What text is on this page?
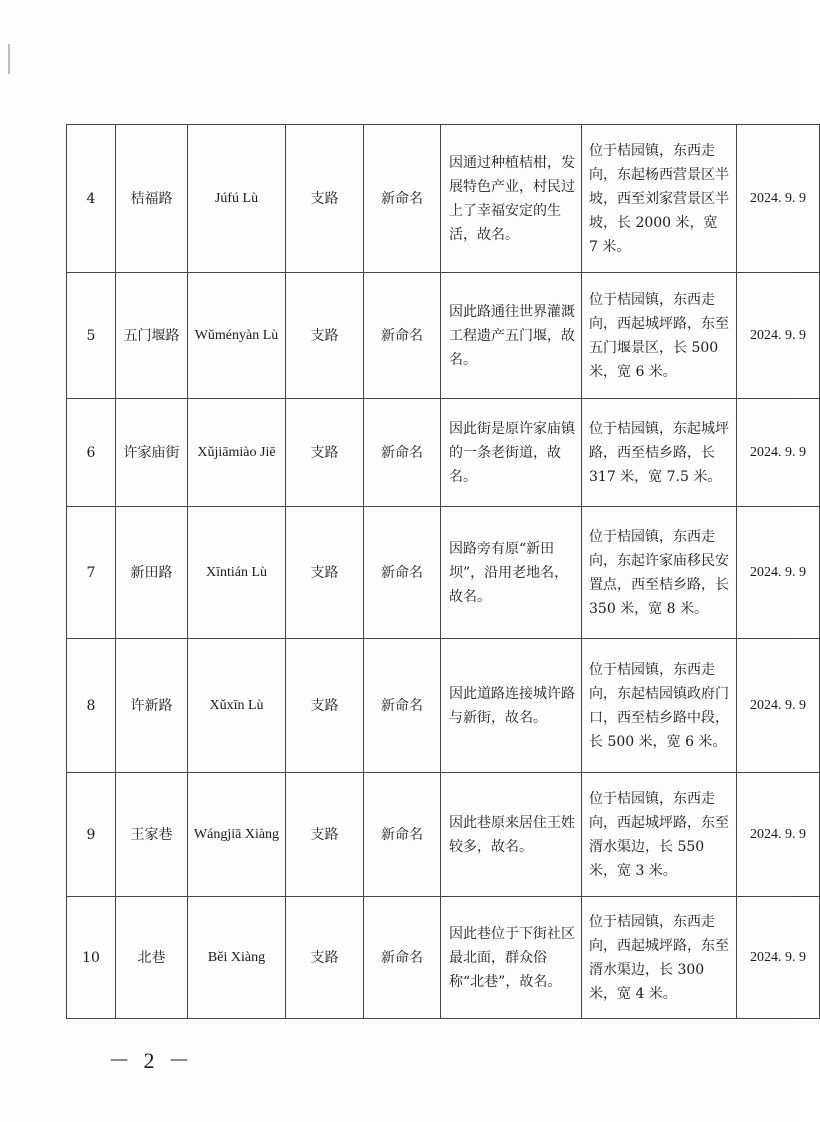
4	桔福路	Júfú Lù	支路	新命名	因通过种植桔柑，发展特色产业，村民过上了幸福安定的生活，故名。	位于桔园镇，东西走向，东起杨西营景区半坡，西至刘家营景区半坡，长 2000 米，宽 7 米。	2024. 9. 9
5	五门堰路	Wǔményàn Lù	支路	新命名	因此路通往世界灌溉工程遗产五门堰，故名。	位于桔园镇，东西走向，西起城坪路，东至五门堰景区，长 500 米，宽 6 米。	2024. 9. 9
6	许家庙街	Xǔjiāmiào Jiē	支路	新命名	因此街是原许家庙镇的一条老街道，故名。	位于桔园镇，东起城坪路，西至桔乡路，长 317 米，宽 7.5 米。	2024. 9. 9
7	新田路	Xīntián Lù	支路	新命名	因路旁有原“新田坝”，沿用老地名，故名。	位于桔园镇，东西走向，东起许家庙移民安置点，西至桔乡路，长 350 米，宽 8 米。	2024. 9. 9
8	许新路	Xǔxīn Lù	支路	新命名	因此道路连接城许路与新街，故名。	位于桔园镇，东西走向，东起桔园镇政府门口，西至桔乡路中段，长 500 米，宽 6 米。	2024. 9. 9
9	王家巷	Wángjiā Xiàng	支路	新命名	因此巷原来居住王姓较多，故名。	位于桔园镇，东西走向，西起城坪路，东至湑水渠边，长 550 米，宽 3 米。	2024. 9. 9
10	北巷	Běi Xiàng	支路	新命名	因此巷位于下街社区最北面，群众俗称“北巷”，故名。	位于桔园镇，东西走向，西起城坪路，东至湑水渠边，长 300 米，宽 4 米。	2024. 9. 9
－ 2 －
